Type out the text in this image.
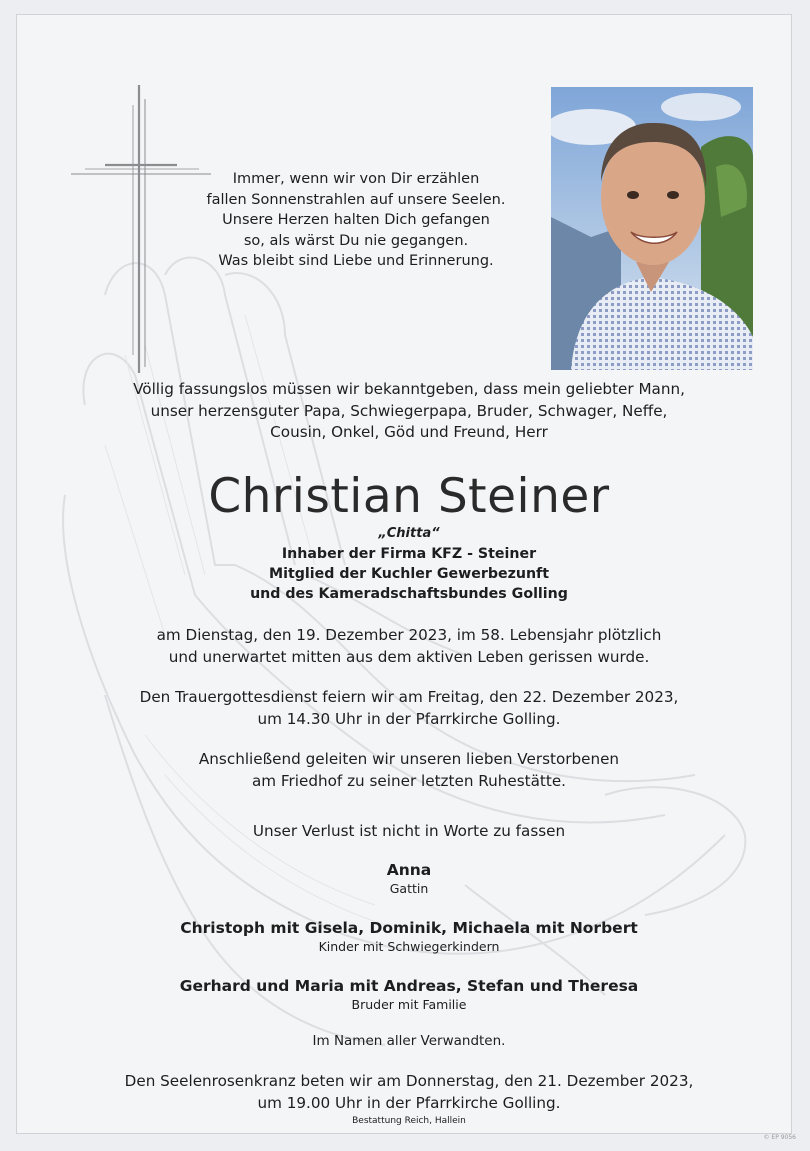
Immer, wenn wir von Dir erzählen
fallen Sonnenstrahlen auf unsere Seelen.
Unsere Herzen halten Dich gefangen
so, als wärst Du nie gegangen.
Was bleibt sind Liebe und Erinnerung.
Völlig fassungslos müssen wir bekanntgeben, dass mein geliebter Mann,
unser herzensguter Papa, Schwiegerpapa, Bruder, Schwager, Neffe,
Cousin, Onkel, Göd und Freund, Herr
Christian Steiner
„Chitta“
Inhaber der Firma KFZ - Steiner
Mitglied der Kuchler Gewerbezunft
und des Kameradschaftsbundes Golling
am Dienstag, den 19. Dezember 2023, im 58. Lebensjahr plötzlich
und unerwartet mitten aus dem aktiven Leben gerissen wurde.
Den Trauergottesdienst feiern wir am Freitag, den 22. Dezember 2023,
um 14.30 Uhr in der Pfarrkirche Golling.
Anschließend geleiten wir unseren lieben Verstorbenen
am Friedhof zu seiner letzten Ruhestätte.
Unser Verlust ist nicht in Worte zu fassen
Anna
Gattin
Christoph mit Gisela, Dominik, Michaela mit Norbert
Kinder mit Schwiegerkindern
Gerhard und Maria mit Andreas, Stefan und Theresa
Bruder mit Familie
Im Namen aller Verwandten.
Den Seelenrosenkranz beten wir am Donnerstag, den 21. Dezember 2023,
um 19.00 Uhr in der Pfarrkirche Golling.
Bestattung Reich, Hallein
© EP 9056
